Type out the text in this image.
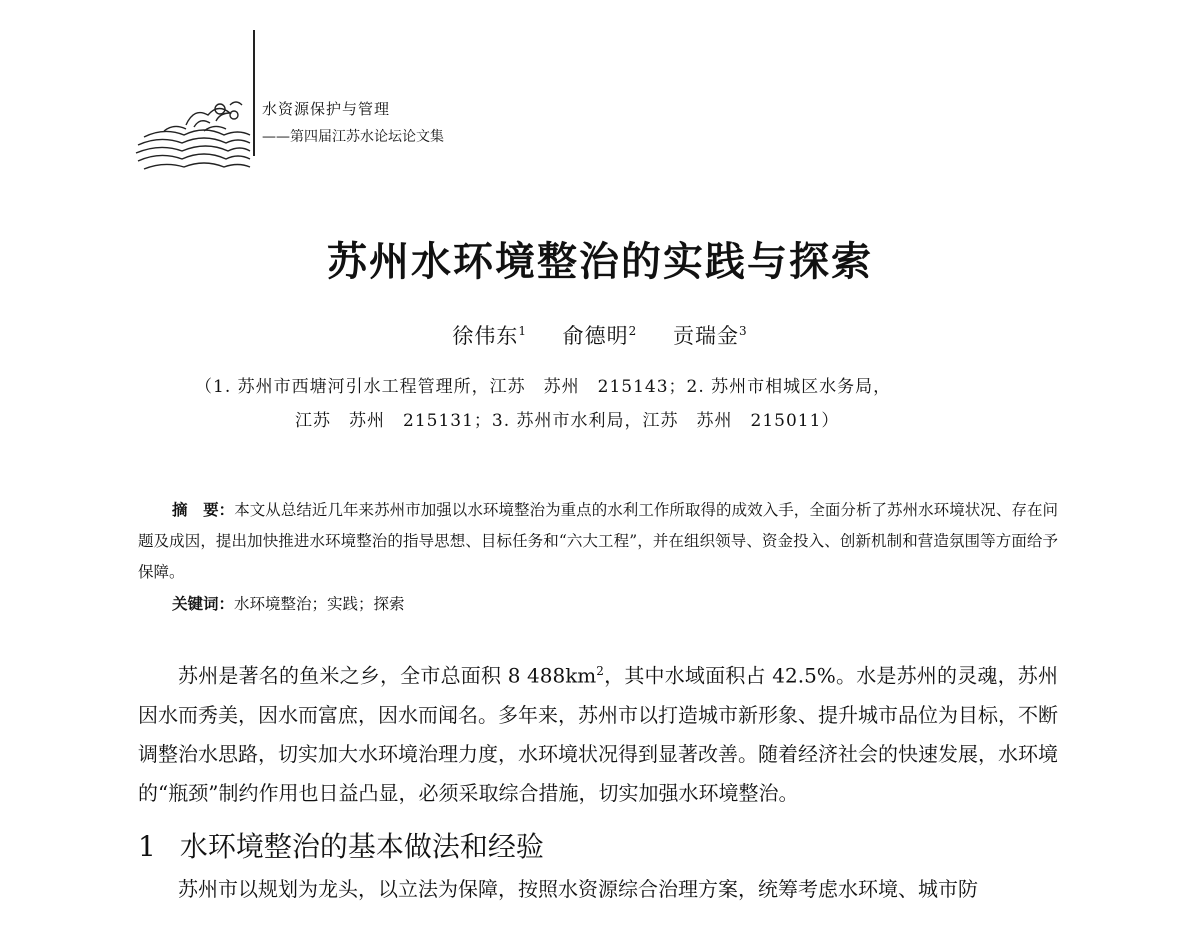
水资源保护与管理
——第四届江苏水论坛论文集
苏州水环境整治的实践与探索
徐伟东$^1$ 俞德明$^2$ 贡瑞金$^3$
（1. 苏州市西塘河引水工程管理所，江苏　苏州　215143；2. 苏州市相城区水务局，
江苏　苏州　215131；3. 苏州市水利局，江苏　苏州　215011）
摘　要：本文从总结近几年来苏州市加强以水环境整治为重点的水利工作所取得的成效入手，全面分析了苏州水环境状况、存在问题及成因，提出加快推进水环境整治的指导思想、目标任务和“六大工程”，并在组织领导、资金投入、创新机制和营造氛围等方面给予保障。
关键词：水环境整治；实践；探索
苏州是著名的鱼米之乡，全市总面积 8 $488km^2$，其中水域面积占 42.5%。水是苏州的灵魂，苏州因水而秀美，因水而富庶，因水而闻名。多年来，苏州市以打造城市新形象、提升城市品位为目标，不断调整治水思路，切实加大水环境治理力度，水环境状况得到显著改善。随着经济社会的快速发展，水环境的“瓶颈”制约作用也日益凸显，必须采取综合措施，切实加强水环境整治。
1 水环境整治的基本做法和经验
苏州市以规划为龙头，以立法为保障，按照水资源综合治理方案，统筹考虑水环境、城市防
